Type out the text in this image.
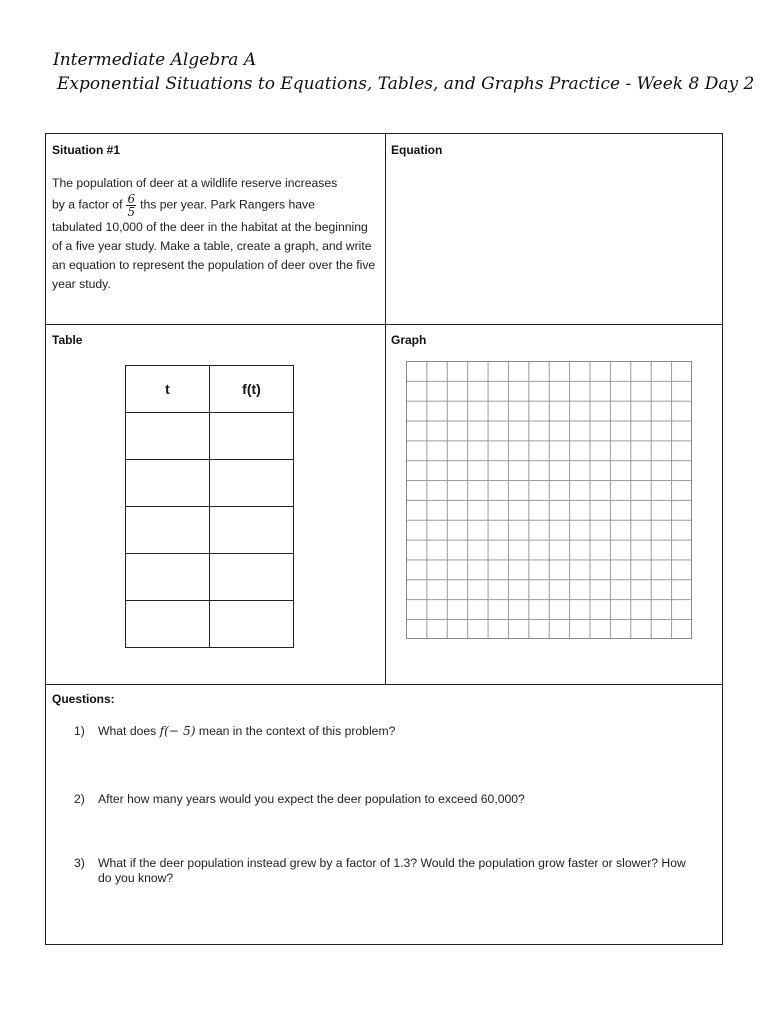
Intermediate Algebra A
Exponential Situations to Equations, Tables, and Graphs Practice - Week 8 Day 2
Situation #1
The population of deer at a wildlife reserve increases
by a factor of $\frac{6}{5}$ ths per year. Park Rangers have
tabulated 10,000 of the deer in the habitat at the beginning of a five year study. Make a table, create a graph, and write an equation to represent the population of deer over the five year study.
Equation
Table
t	f(t)

Graph
Questions:
1) What does f(− 5) mean in the context of this problem?
2) After how many years would you expect the deer population to exceed 60,000?
3) What if the deer population instead grew by a factor of 1.3? Would the population grow faster or slower? How do you know?
